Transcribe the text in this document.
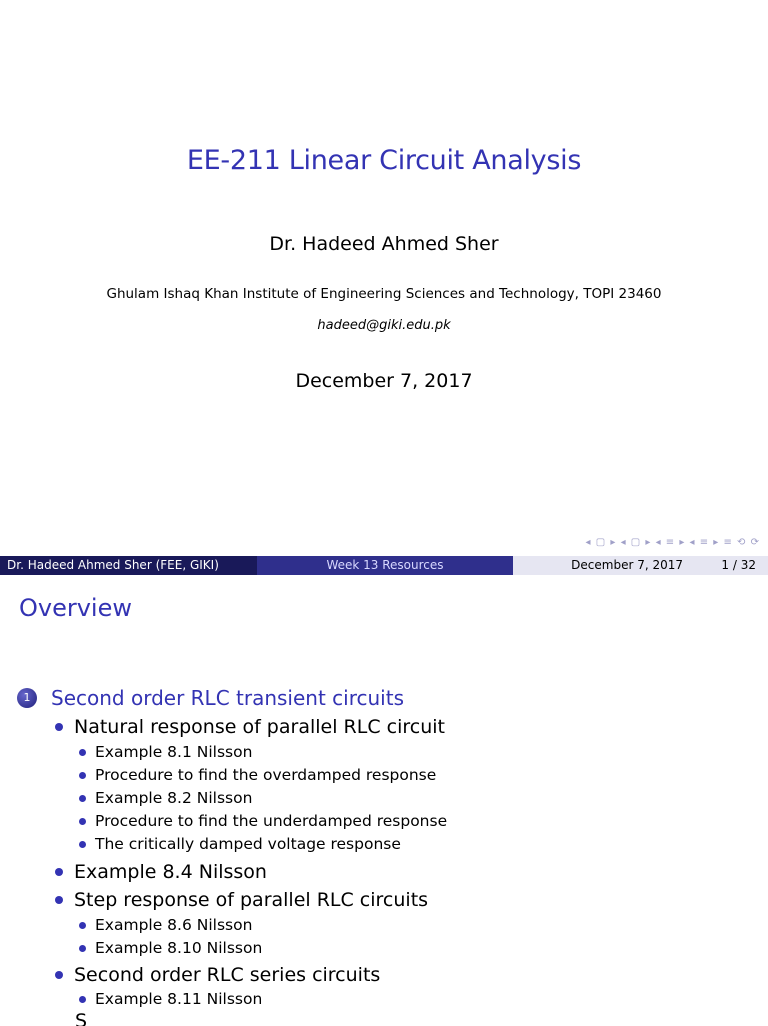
EE-211 Linear Circuit Analysis
Dr. Hadeed Ahmed Sher
Ghulam Ishaq Khan Institute of Engineering Sciences and Technology, TOPI 23460
hadeed@giki.edu.pk
December 7, 2017
◂ ▢ ▸ ◂ ▢ ▸ ◂ ≡ ▸ ◂ ≡ ▸ ≡ ⟲ ⟳
Dr. Hadeed Ahmed Sher (FEE, GIKI)	Week 13 Resources	December 7, 2017	1 / 32
Overview
1	Second order RLC transient circuits
Natural response of parallel RLC circuit
Example 8.1 Nilsson
Procedure to find the overdamped response
Example 8.2 Nilsson
Procedure to find the underdamped response
The critically damped voltage response
Example 8.4 Nilsson
Step response of parallel RLC circuits
Example 8.6 Nilsson
Example 8.10 Nilsson
Second order RLC series circuits
Example 8.11 Nilsson
S
